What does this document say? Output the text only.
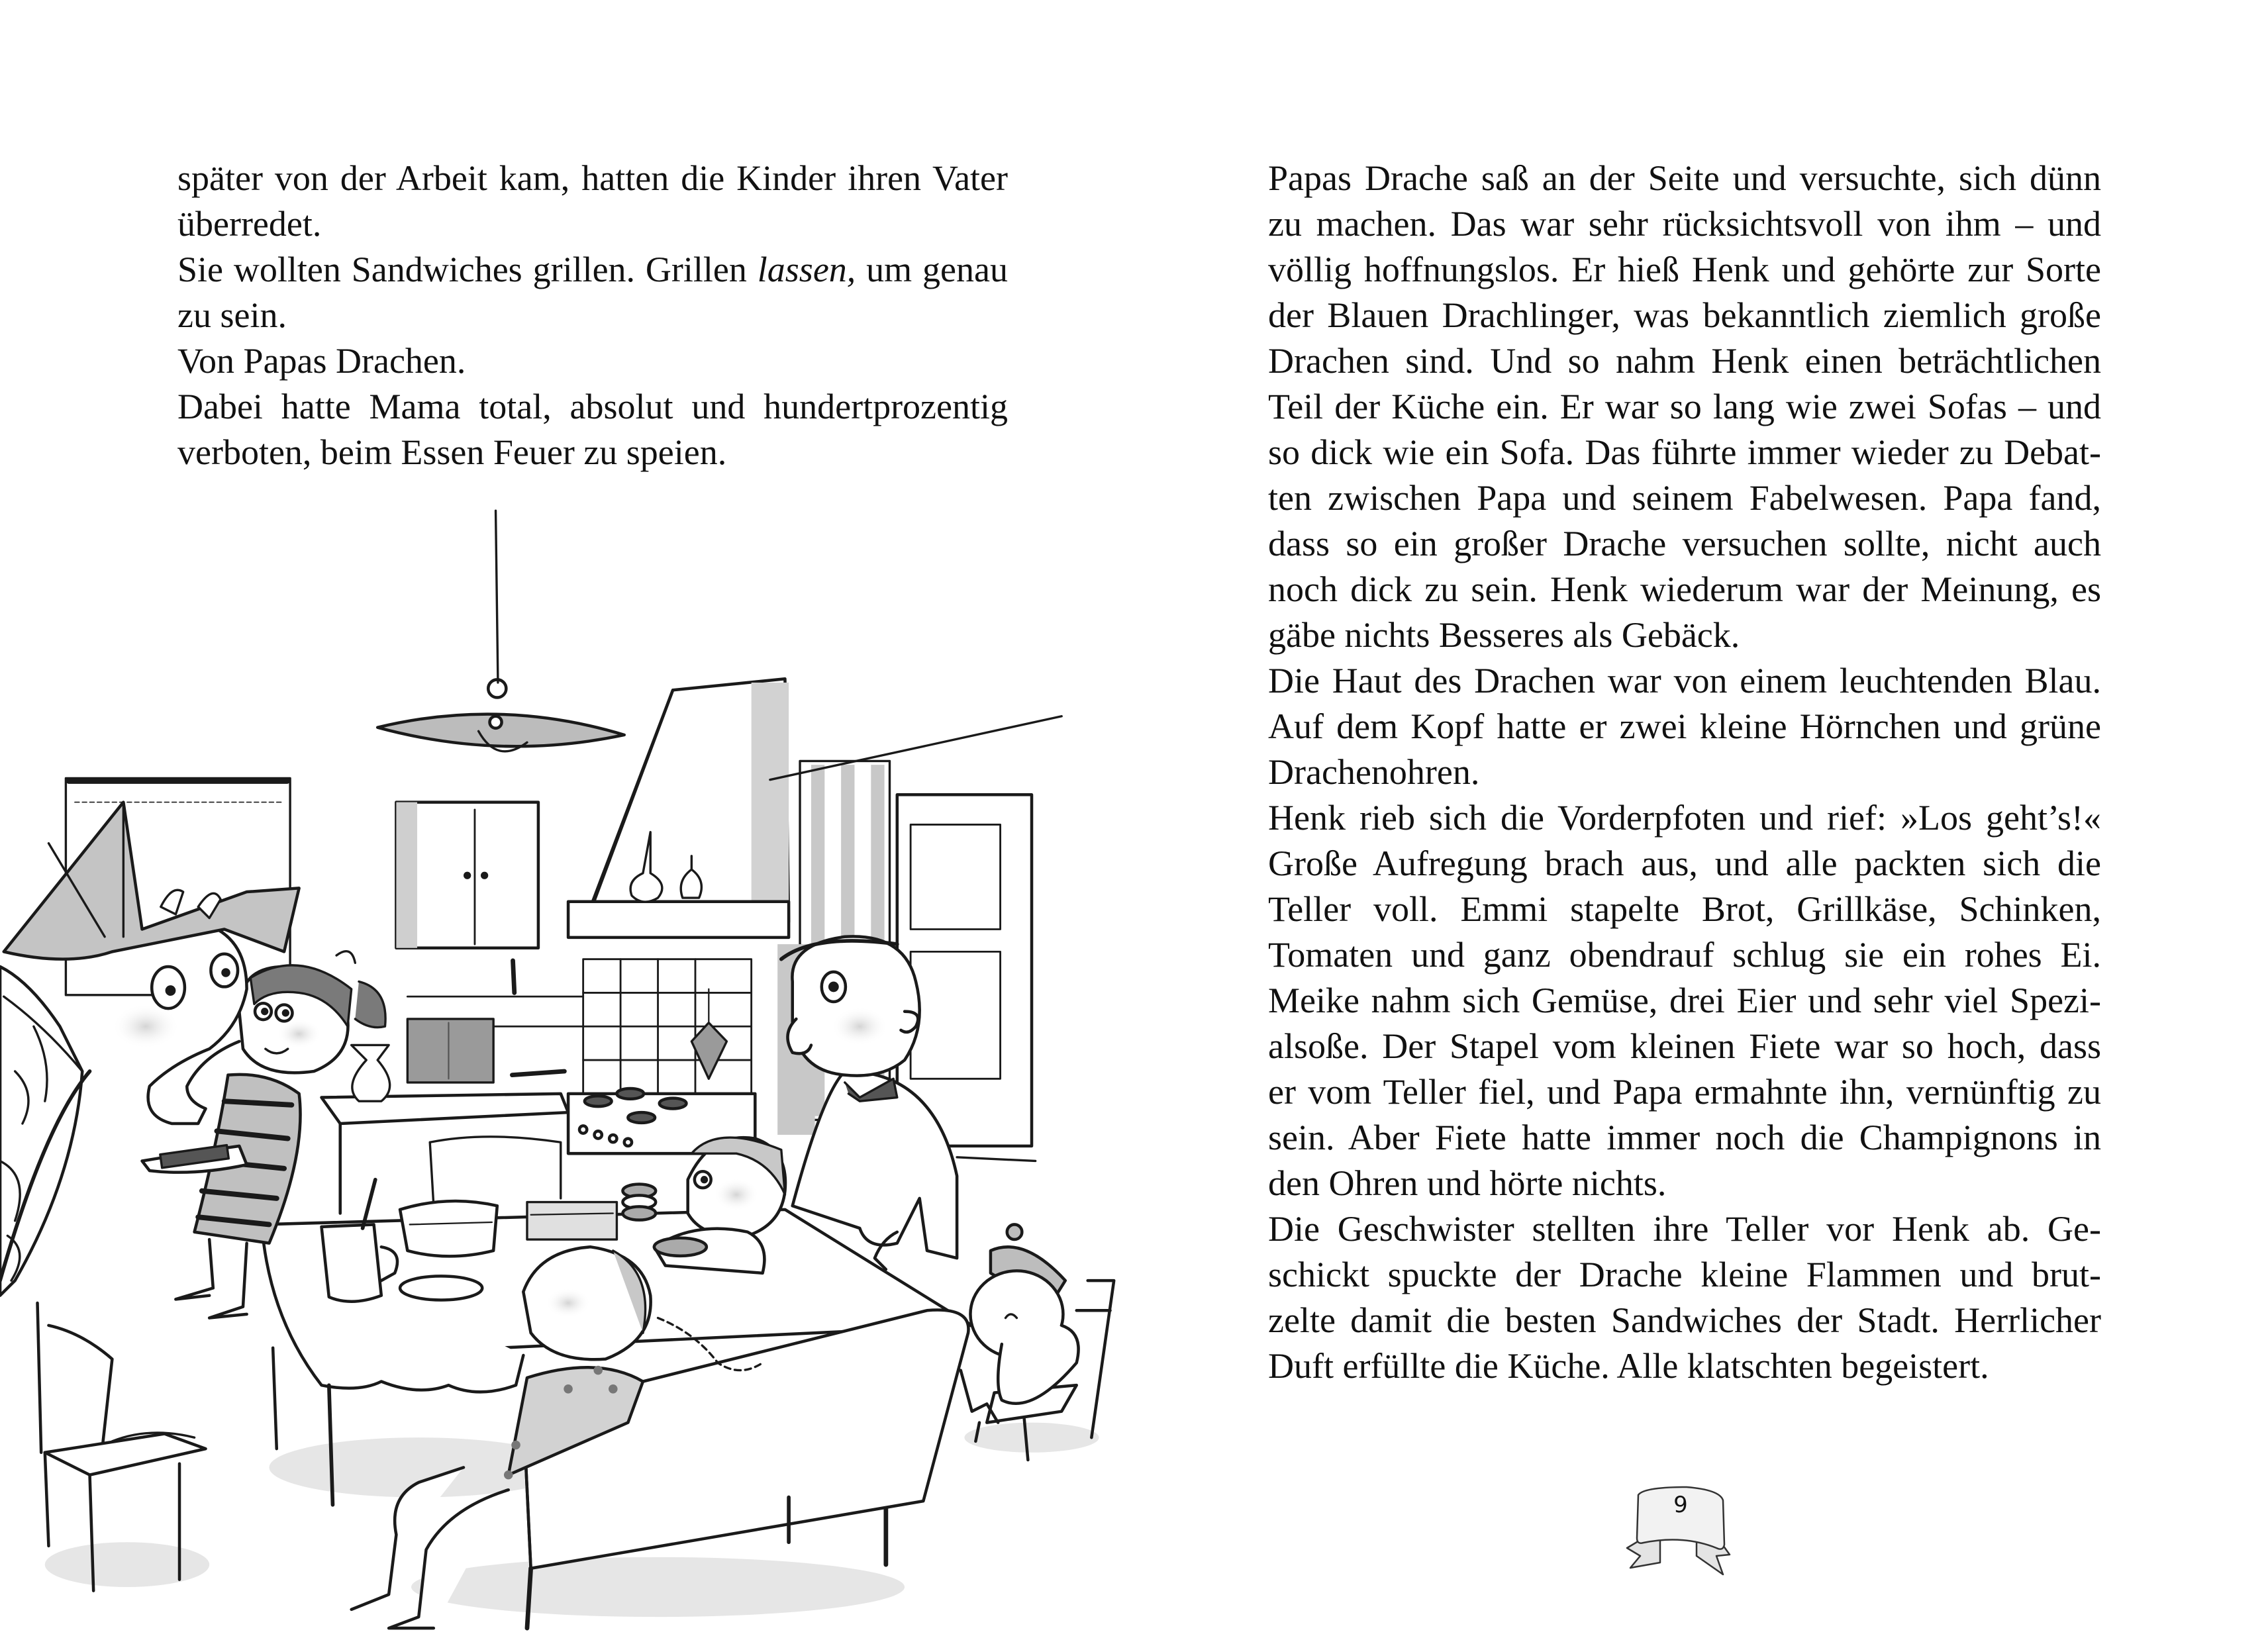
später von der Arbeit kam, hatten die Kinder ihren Vater
überredet.
Sie wollten Sandwiches grillen. Grillen lassen, um genau
zu sein.
Von Papas Drachen.
Dabei hatte Mama total, absolut und hundertprozentig
verboten, beim Essen Feuer zu speien.
Papas Drache saß an der Seite und versuchte, sich dünn
zu machen. Das war sehr rücksichtsvoll von ihm – und
völlig hoffnungslos. Er hieß Henk und gehörte zur Sorte
der Blauen Drachlinger, was bekanntlich ziemlich große
Drachen sind. Und so nahm Henk einen beträchtlichen
Teil der Küche ein. Er war so lang wie zwei Sofas – und
so dick wie ein Sofa. Das führte immer wieder zu Debat-
ten zwischen Papa und seinem Fabelwesen. Papa fand,
dass so ein großer Drache versuchen sollte, nicht auch
noch dick zu sein. Henk wiederum war der Meinung, es
gäbe nichts Besseres als Gebäck.
Die Haut des Drachen war von einem leuchtenden Blau.
Auf dem Kopf hatte er zwei kleine Hörnchen und grüne
Drachenohren.
Henk rieb sich die Vorderpfoten und rief: »Los geht’s!«
Große Aufregung brach aus, und alle packten sich die
Teller voll. Emmi stapelte Brot, Grillkäse, Schinken,
Tomaten und ganz obendrauf schlug sie ein rohes Ei.
Meike nahm sich Gemüse, drei Eier und sehr viel Spezi-
alsoße. Der Stapel vom kleinen Fiete war so hoch, dass
er vom Teller fiel, und Papa ermahnte ihn, vernünftig zu
sein. Aber Fiete hatte immer noch die Champignons in
den Ohren und hörte nichts.
Die Geschwister stellten ihre Teller vor Henk ab. Ge-
schickt spuckte der Drache kleine Flammen und brut-
zelte damit die besten Sandwiches der Stadt. Herrlicher
Duft erfüllte die Küche. Alle klatschten begeistert.
9
